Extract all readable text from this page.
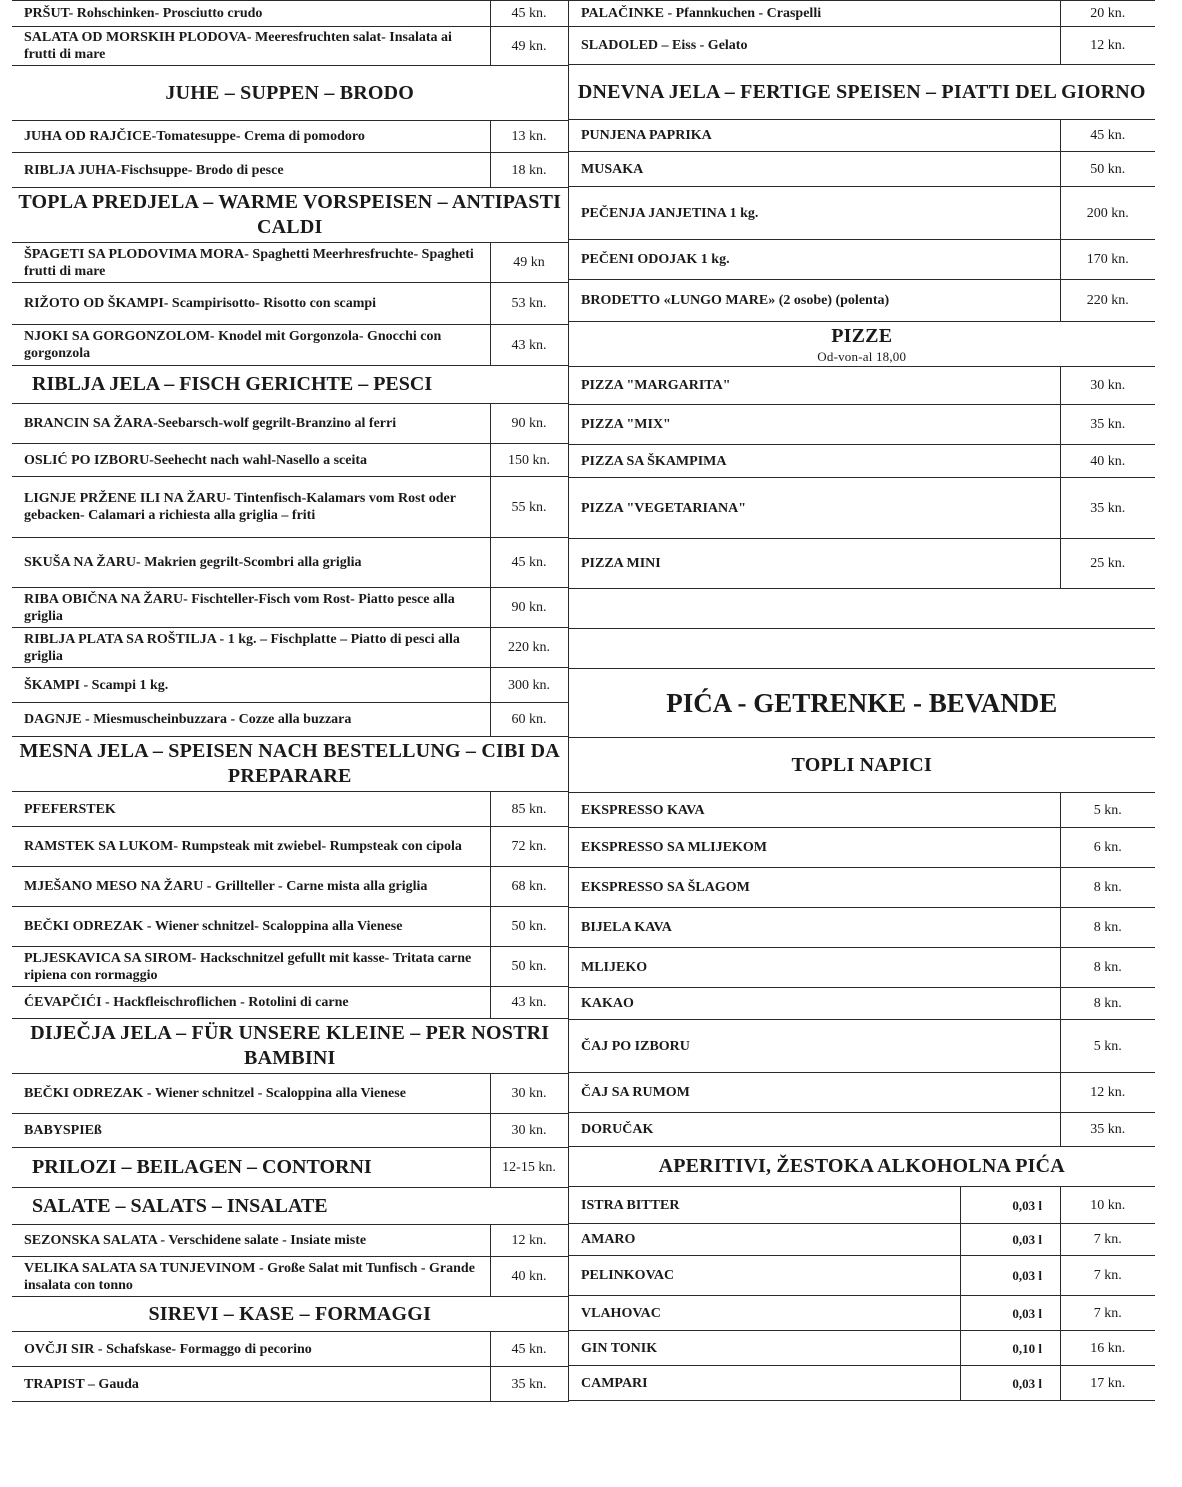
PRŠUT- Rohschinken- Prosciutto crudo	45 kn.
SALATA OD MORSKIH PLODOVA- Meeresfruchten salat- Insalata ai frutti di mare	49 kn.
JUHE – SUPPEN – BRODO	
JUHA OD RAJČICE-Tomatesuppe- Crema di pomodoro	13 kn.
RIBLJA JUHA-Fischsuppe- Brodo di pesce	18 kn.
TOPLA PREDJELA – WARME VORSPEISEN – ANTIPASTI CALDI	
ŠPAGETI SA PLODOVIMA MORA- Spaghetti Meerhresfruchte- Spagheti frutti di mare	49 kn
RIŽOTO OD ŠKAMPI- Scampirisotto- Risotto con scampi	53 kn.
NJOKI SA GORGONZOLOM- Knodel mit Gorgonzola- Gnocchi con gorgonzola	43 kn.
RIBLJA JELA – FISCH GERICHTE – PESCI	
BRANCIN SA ŽARA-Seebarsch-wolf gegrilt-Branzino al ferri	90 kn.
OSLIĆ PO IZBORU-Seehecht nach wahl-Nasello a sceita	150 kn.
LIGNJE PRŽENE ILI NA ŽARU- Tintenfisch-Kalamars vom Rost oder gebacken- Calamari a richiesta alla griglia – friti	55 kn.
SKUŠA NA ŽARU- Makrien gegrilt-Scombri alla griglia	45 kn.
RIBA OBIČNA NA ŽARU- Fischteller-Fisch vom Rost- Piatto pesce alla griglia	90 kn.
RIBLJA PLATA SA ROŠTILJA - 1 kg. – Fischplatte – Piatto di pesci alla griglia	220 kn.
ŠKAMPI - Scampi 1 kg.	300 kn.
DAGNJE - Miesmuscheinbuzzara - Cozze alla buzzara	60 kn.
MESNA JELA – SPEISEN NACH BESTELLUNG – CIBI DA PREPARARE	
PFEFERSTEK	85 kn.
RAMSTEK SA LUKOM- Rumpsteak mit zwiebel- Rumpsteak con cipola	72 kn.
MJEŠANO MESO NA ŽARU - Grillteller - Carne mista alla griglia	68 kn.
BEČKI ODREZAK - Wiener schnitzel- Scaloppina alla Vienese	50 kn.
PLJESKAVICA SA SIROM- Hackschnitzel gefullt mit kasse- Tritata carne ripiena con rormaggio	50 kn.
ĆEVAPČIĆI - Hackfleischroflichen - Rotolini di carne	43 kn.
DIJEČJA JELA – FÜR UNSERE KLEINE – PER NOSTRI BAMBINI	
BEČKI ODREZAK - Wiener schnitzel - Scaloppina alla Vienese	30 kn.
BABYSPIEß	30 kn.
PRILOZI – BEILAGEN – CONTORNI	12-15 kn.
SALATE – SALATS – INSALATE	
SEZONSKA SALATA - Verschidene salate - Insiate miste	12 kn.
VELIKA SALATA SA TUNJEVINOM - Große Salat mit Tunfisch - Grande insalata con tonno	40 kn.
SIREVI – KASE – FORMAGGI	
OVČJI SIR - Schafskase- Formaggo di pecorino	45 kn.
TRAPIST – Gauda	35 kn.
PALAČINKE - Pfannkuchen - Craspelli		20 kn.
SLADOLED – Eiss - Gelato		12 kn.
DNEVNA JELA – FERTIGE SPEISEN – PIATTI DEL GIORNO		
PUNJENA PAPRIKA		45 kn.
MUSAKA		50 kn.
PEČENJA JANJETINA 1 kg.		200 kn.
PEČENI ODOJAK 1 kg.		170 kn.
BRODETTO «LUNGO MARE» (2 osobe) (polenta)		220 kn.
PIZZE
Od-von-al 18,00		

PIZZA "MARGARITA"		30 kn.
PIZZA "MIX"		35 kn.
PIZZA SA ŠKAMPIMA		40 kn.
PIZZA "VEGETARIANA"		35 kn.
PIZZA MINI		25 kn.

PIĆA - GETRENKE - BEVANDE		
TOPLI NAPICI		
EKSPRESSO KAVA		5 kn.
EKSPRESSO SA MLIJEKOM		6 kn.
EKSPRESSO SA ŠLAGOM		8 kn.
BIJELA KAVA		8 kn.
MLIJEKO		8 kn.
KAKAO		8 kn.
ČAJ PO IZBORU		5 kn.
ČAJ SA RUMOM		12 kn.
DORUČAK		35 kn.
APERITIVI, ŽESTOKA ALKOHOLNA PIĆA		
ISTRA BITTER	0,03 l	10 kn.
AMARO	0,03 l	7 kn.
PELINKOVAC	0,03 l	7 kn.
VLAHOVAC	0,03 l	7 kn.
GIN TONIK	0,10 l	16 kn.
CAMPARI	0,03 l	17 kn.
